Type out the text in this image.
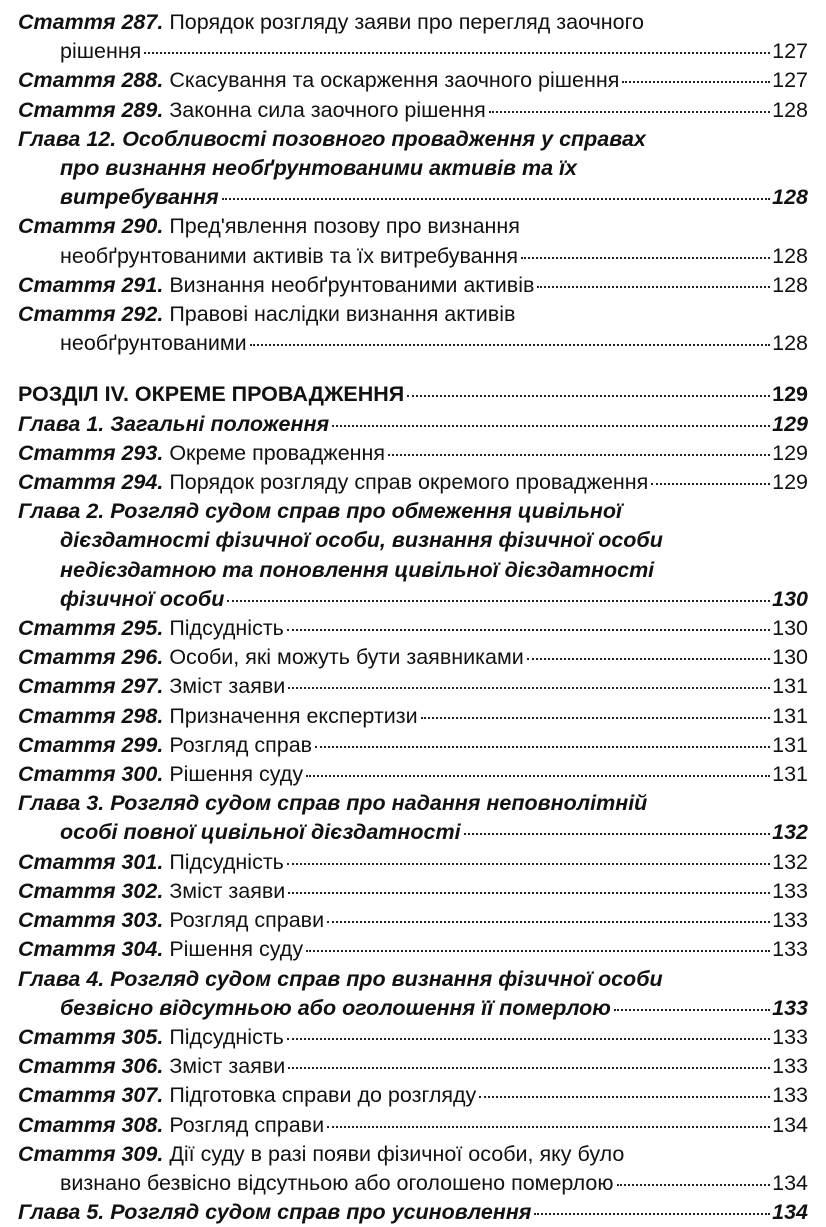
Стаття 287. Порядок розгляду заяви про перегляд заочного
рішення	127
Стаття 288. Скасування та оскарження заочного рішення	127
Стаття 289. Законна сила заочного рішення	128
Глава 12. Особливості позовного провадження у справах
про визнання необґрунтованими активів та їх
витребування	128
Стаття 290. Пред'явлення позову про визнання
необґрунтованими активів та їх витребування	128
Стаття 291. Визнання необґрунтованими активів	128
Стаття 292. Правові наслідки визнання активів
необґрунтованими	128
РОЗДІЛ IV. ОКРЕМЕ ПРОВАДЖЕННЯ	129
Глава 1. Загальні положення	129
Стаття 293. Окреме провадження	129
Стаття 294. Порядок розгляду справ окремого провадження	129
Глава 2. Розгляд судом справ про обмеження цивільної
дієздатності фізичної особи, визнання фізичної особи
недієздатною та поновлення цивільної дієздатності
фізичної особи	130
Стаття 295. Підсудність	130
Стаття 296. Особи, які можуть бути заявниками	130
Стаття 297. Зміст заяви	131
Стаття 298. Призначення експертизи	131
Стаття 299. Розгляд справ	131
Стаття 300. Рішення суду	131
Глава 3. Розгляд судом справ про надання неповнолітній
особі повної цивільної дієздатності	132
Стаття 301. Підсудність	132
Стаття 302. Зміст заяви	133
Стаття 303. Розгляд справи	133
Стаття 304. Рішення суду	133
Глава 4. Розгляд судом справ про визнання фізичної особи
безвісно відсутньою або оголошення її померлою	133
Стаття 305. Підсудність	133
Стаття 306. Зміст заяви	133
Стаття 307. Підготовка справи до розгляду	133
Стаття 308. Розгляд справи	134
Стаття 309. Дії суду в разі появи фізичної особи, яку було
визнано безвісно відсутньою або оголошено померлою	134
Глава 5. Розгляд судом справ про усиновлення	134
